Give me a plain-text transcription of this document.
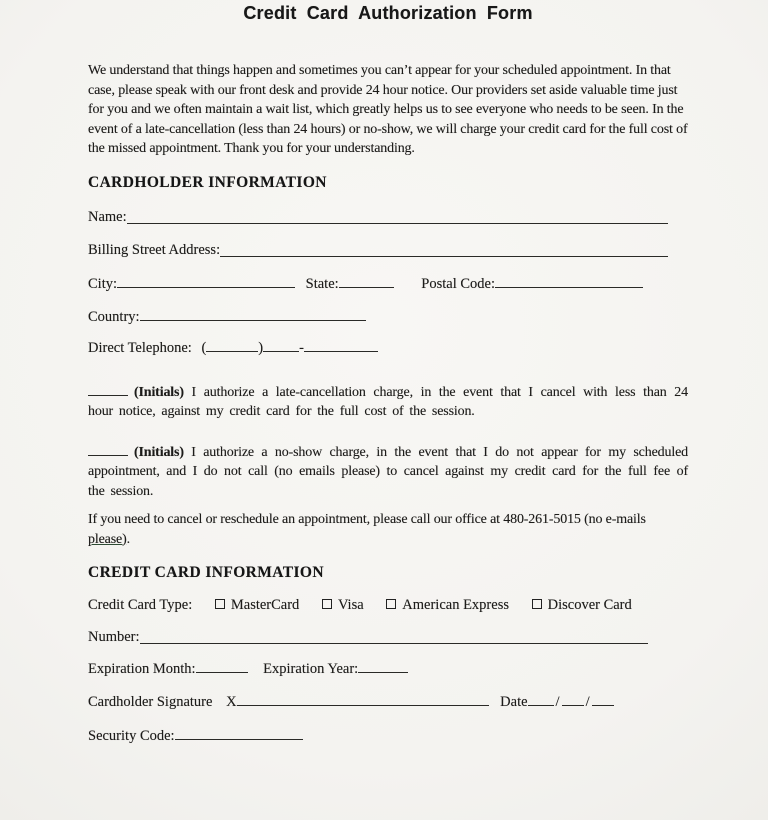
Credit Card Authorization Form

We understand that things happen and sometimes you can’t appear for your scheduled appointment. In that case, please speak with our front desk and provide 24 hour notice. Our providers set aside valuable time just for you and we often maintain a wait list, which greatly helps us to see everyone who needs to be seen. In the event of a late-cancellation (less than 24 hours) or no-show, we will charge your credit card for the full cost of the missed appointment. Thank you for your understanding.

CARDHOLDER INFORMATION
Name:
Billing Street Address:
City:	State:	Postal Code:
Country:
Direct Telephone: (	) -

(Initials) I authorize a late-cancellation charge, in the event that I cancel with less than 24 hour notice, against my credit card for the full cost of the session.

(Initials) I authorize a no-show charge, in the event that I do not appear for my scheduled appointment, and I do not call (no emails please) to cancel against my credit card for the full fee of the session.

If you need to cancel or reschedule an appointment, please call our office at 480-261-5015 (no e-mails
please).

CREDIT CARD INFORMATION
Credit Card Type:	MasterCard	Visa	American Express	Discover Card
Number:
Expiration Month:	Expiration Year:
Cardholder Signature X	Date / /
Security Code:
